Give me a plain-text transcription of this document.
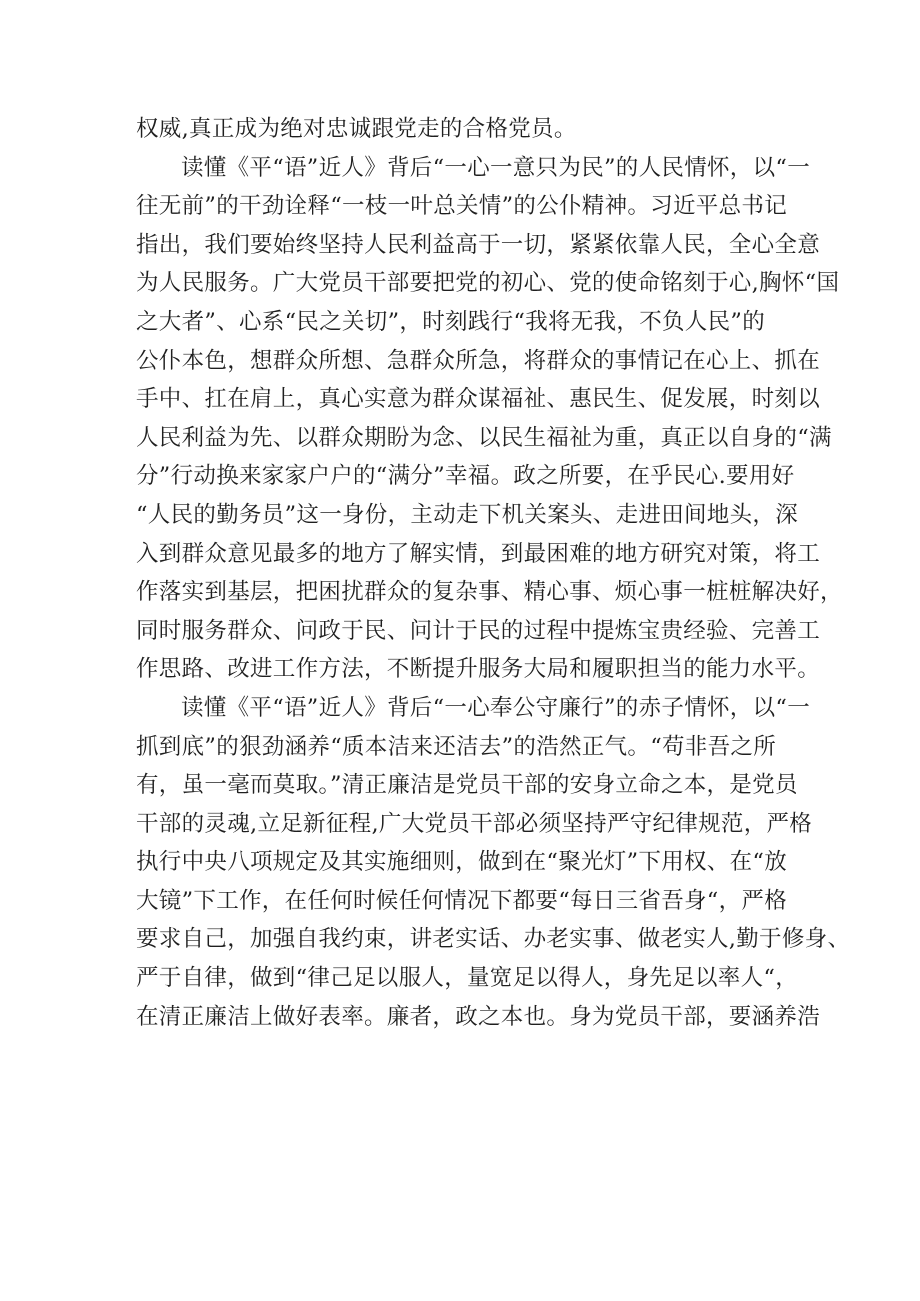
权威,真正成为绝对忠诚跟党走的合格党员。
读懂《平“语”近人》背后“一心一意只为民”的人民情怀，以“一
往无前”的干劲诠释“一枝一叶总关情”的公仆精神。习近平总书记
指出，我们要始终坚持人民利益高于一切，紧紧依靠人民，全心全意
为人民服务。广大党员干部要把党的初心、党的使命铭刻于心,胸怀“国
之大者”、心系“民之关切”，时刻践行“我将无我，不负人民”的
公仆本色，想群众所想、急群众所急，将群众的事情记在心上、抓在
手中、扛在肩上，真心实意为群众谋福祉、惠民生、促发展，时刻以
人民利益为先、以群众期盼为念、以民生福祉为重，真正以自身的“满
分”行动换来家家户户的“满分”幸福。政之所要，在乎民心.要用好
“人民的勤务员”这一身份，主动走下机关案头、走进田间地头，深
入到群众意见最多的地方了解实情，到最困难的地方研究对策，将工
作落实到基层，把困扰群众的复杂事、精心事、烦心事一桩桩解决好，
同时服务群众、问政于民、问计于民的过程中提炼宝贵经验、完善工
作思路、改进工作方法，不断提升服务大局和履职担当的能力水平。
读懂《平“语”近人》背后“一心奉公守廉行”的赤子情怀，以“一
抓到底”的狠劲涵养“质本洁来还洁去”的浩然正气。“苟非吾之所
有，虽一毫而莫取。”清正廉洁是党员干部的安身立命之本，是党员
干部的灵魂,立足新征程,广大党员干部必须坚持严守纪律规范，严格
执行中央八项规定及其实施细则，做到在“聚光灯”下用权、在“放
大镜”下工作，在任何时候任何情况下都要“每日三省吾身“，严格
要求自己，加强自我约束，讲老实话、办老实事、做老实人,勤于修身、
严于自律，做到“律己足以服人，量宽足以得人，身先足以率人“，
在清正廉洁上做好表率。廉者，政之本也。身为党员干部，要涵养浩
